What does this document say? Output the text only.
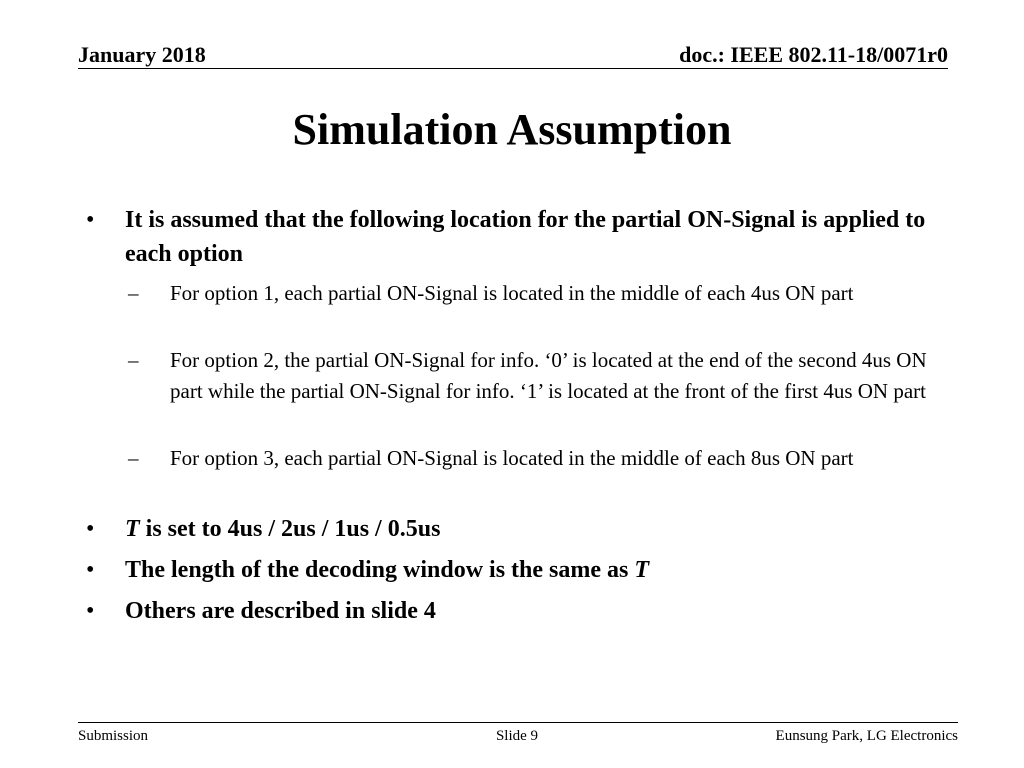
January 2018	doc.: IEEE 802.11-18/0071r0
Simulation Assumption
• It is assumed that the following location for the partial ON-Signal is applied to each option
– For option 1, each partial ON-Signal is located in the middle of each 4us ON part
– For option 2, the partial ON-Signal for info. ‘0’ is located at the end of the second 4us ON part while the partial ON-Signal for info. ‘1’ is located at the front of the first 4us ON part
– For option 3, each partial ON-Signal is located in the middle of each 8us ON part
• T is set to 4us / 2us / 1us / 0.5us
• The length of the decoding window is the same as T
• Others are described in slide 4
Submission	Slide 9	Eunsung Park, LG Electronics
